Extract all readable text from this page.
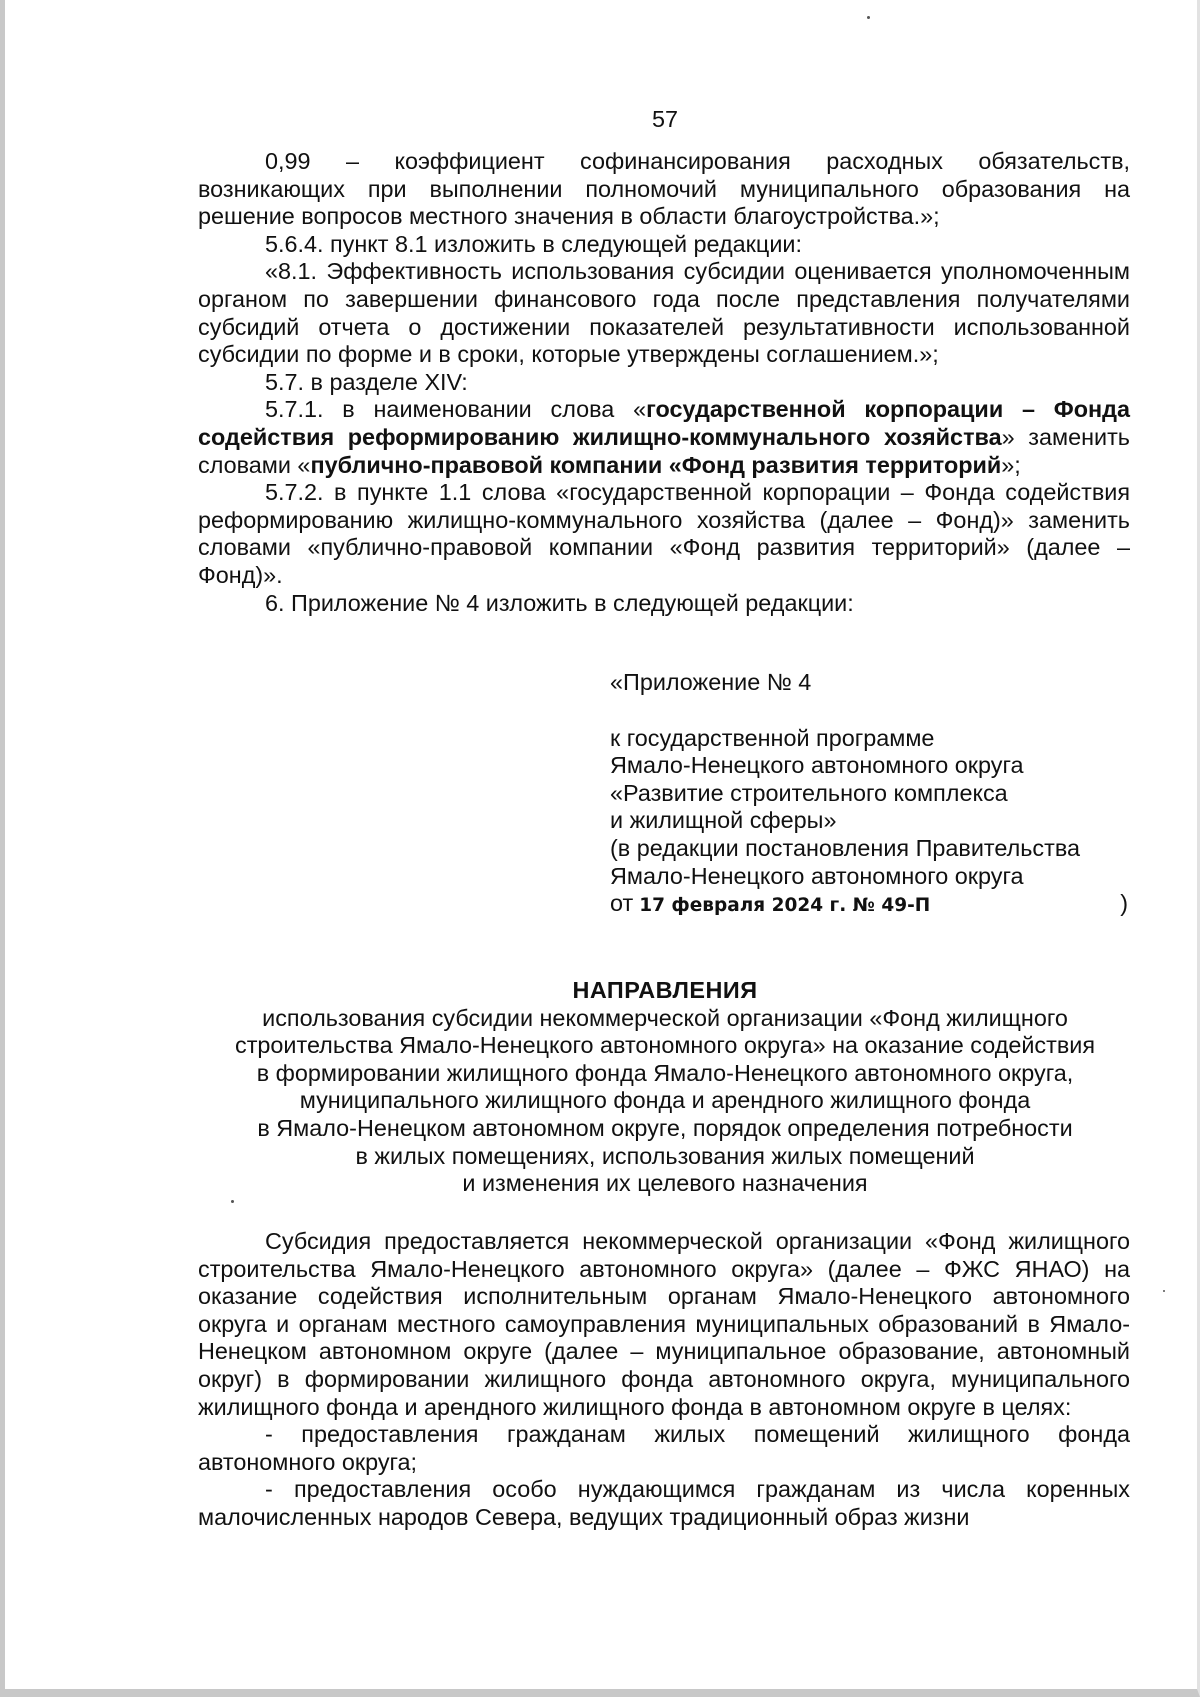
57

0,99 – коэффициент софинансирования расходных обязательств, возникающих при выполнении полномочий муниципального образования на решение вопросов местного значения в области благоустройства.»;

5.6.4. пункт 8.1 изложить в следующей редакции:

«8.1. Эффективность использования субсидии оценивается уполномоченным органом по завершении финансового года после представления получателями субсидий отчета о достижении показателей результативности использованной субсидии по форме и в сроки, которые утверждены соглашением.»;

5.7. в разделе XIV:

5.7.1. в наименовании слова «государственной корпорации – Фонда содействия реформированию жилищно-коммунального хозяйства» заменить словами «публично-правовой компании «Фонд развития территорий»;

5.7.2. в пункте 1.1 слова «государственной корпорации – Фонда содействия реформированию жилищно-коммунального хозяйства (далее – Фонд)» заменить словами «публично-правовой компании «Фонд развития территорий» (далее – Фонд)».

6. Приложение № 4 изложить в следующей редакции:

«Приложение № 4
к государственной программе
Ямало-Ненецкого автономного округа
«Развитие строительного комплекса
и жилищной сферы»
(в редакции постановления Правительства
Ямало-Ненецкого автономного округа
от 17 февраля 2024 г. № 49-П	)
НАПРАВЛЕНИЯ
использования субсидии некоммерческой организации «Фонд жилищного
строительства Ямало-Ненецкого автономного округа» на оказание содействия
в формировании жилищного фонда Ямало-Ненецкого автономного округа,
муниципального жилищного фонда и арендного жилищного фонда
в Ямало-Ненецком автономном округе, порядок определения потребности
в жилых помещениях, использования жилых помещений
и изменения их целевого назначения

Субсидия предоставляется некоммерческой организации «Фонд жилищного строительства Ямало-Ненецкого автономного округа» (далее – ФЖС ЯНАО) на оказание содействия исполнительным органам Ямало-Ненецкого автономного округа и органам местного самоуправления муниципальных образований в Ямало-Ненецком автономном округе (далее – муниципальное образование, автономный округ) в формировании жилищного фонда автономного округа, муниципального жилищного фонда и арендного жилищного фонда в автономном округе в целях:

- предоставления гражданам жилых помещений жилищного фонда автономного округа;

- предоставления особо нуждающимся гражданам из числа коренных малочисленных народов Севера, ведущих традиционный образ жизни
